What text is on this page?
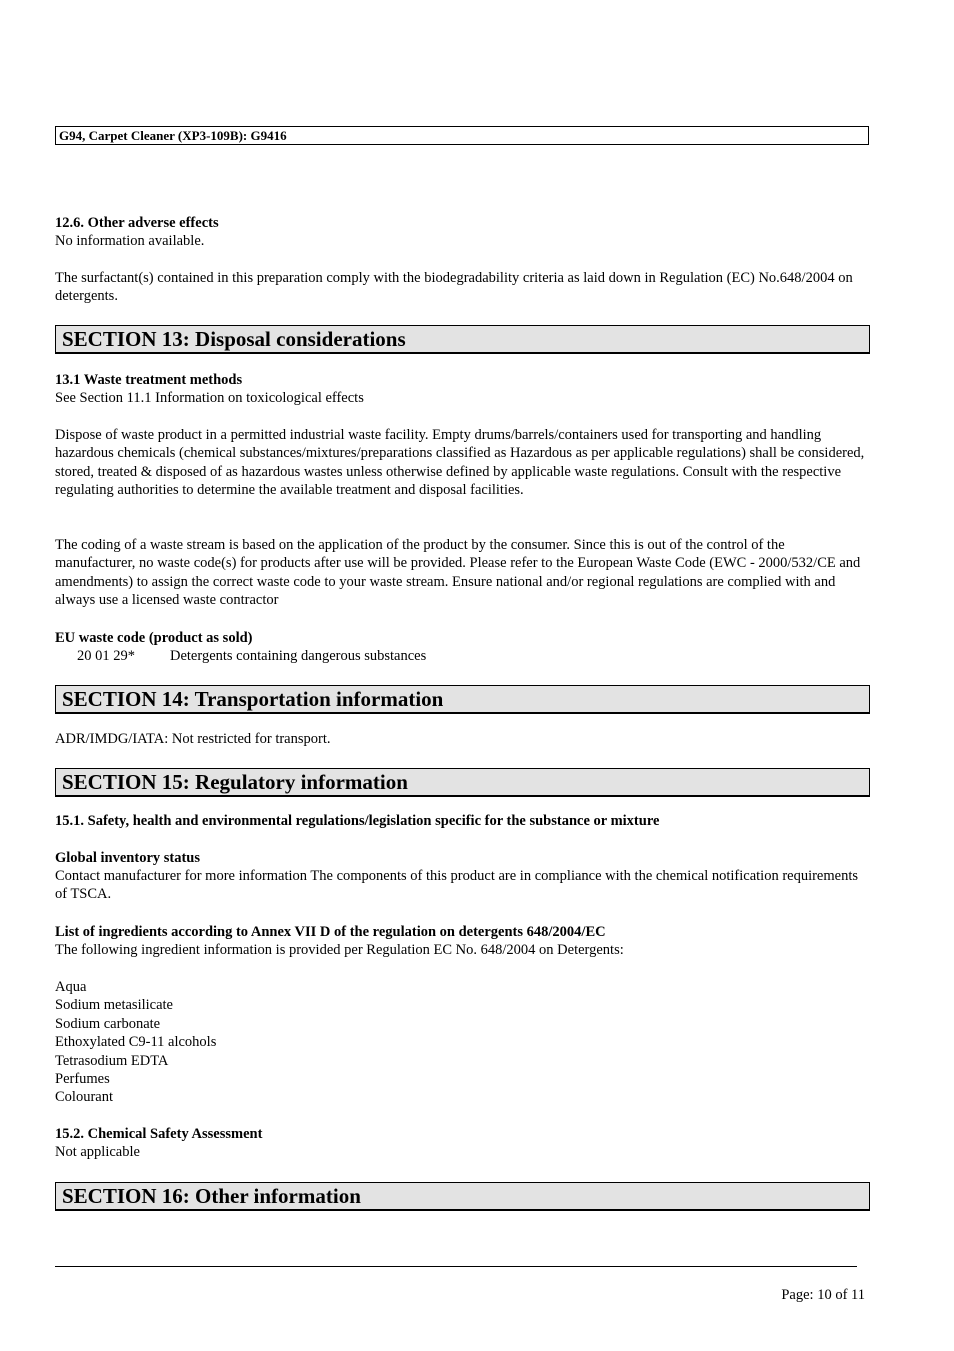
G94, Carpet Cleaner (XP3-109B): G9416
12.6. Other adverse effects
No information available.
The surfactant(s) contained in this preparation comply with the biodegradability criteria as laid down in Regulation (EC) No.648/2004 on detergents.
SECTION 13: Disposal considerations
13.1 Waste treatment methods
See Section 11.1 Information on toxicological effects
Dispose of waste product in a permitted industrial waste facility. Empty drums/barrels/containers used for transporting and handling hazardous chemicals (chemical substances/mixtures/preparations classified as Hazardous as per applicable regulations) shall be considered, stored, treated & disposed of as hazardous wastes unless otherwise defined by applicable waste regulations. Consult with the respective regulating authorities to determine the available treatment and disposal facilities.
The coding of a waste stream is based on the application of the product by the consumer. Since this is out of the control of the manufacturer, no waste code(s) for products after use will be provided. Please refer to the European Waste Code (EWC - 2000/532/CE and amendments) to assign the correct waste code to your waste stream. Ensure national and/or regional regulations are complied with and always use a licensed waste contractor
EU waste code (product as sold)
20 01 29* Detergents containing dangerous substances
SECTION 14: Transportation information
ADR/IMDG/IATA: Not restricted for transport.
SECTION 15: Regulatory information
15.1. Safety, health and environmental regulations/legislation specific for the substance or mixture
Global inventory status
Contact manufacturer for more information The components of this product are in compliance with the chemical notification requirements of TSCA.
List of ingredients according to Annex VII D of the regulation on detergents 648/2004/EC
The following ingredient information is provided per Regulation EC No. 648/2004 on Detergents:
Aqua
Sodium metasilicate
Sodium carbonate
Ethoxylated C9-11 alcohols
Tetrasodium EDTA
Perfumes
Colourant
15.2. Chemical Safety Assessment
Not applicable
SECTION 16: Other information
Page: 10 of 11
